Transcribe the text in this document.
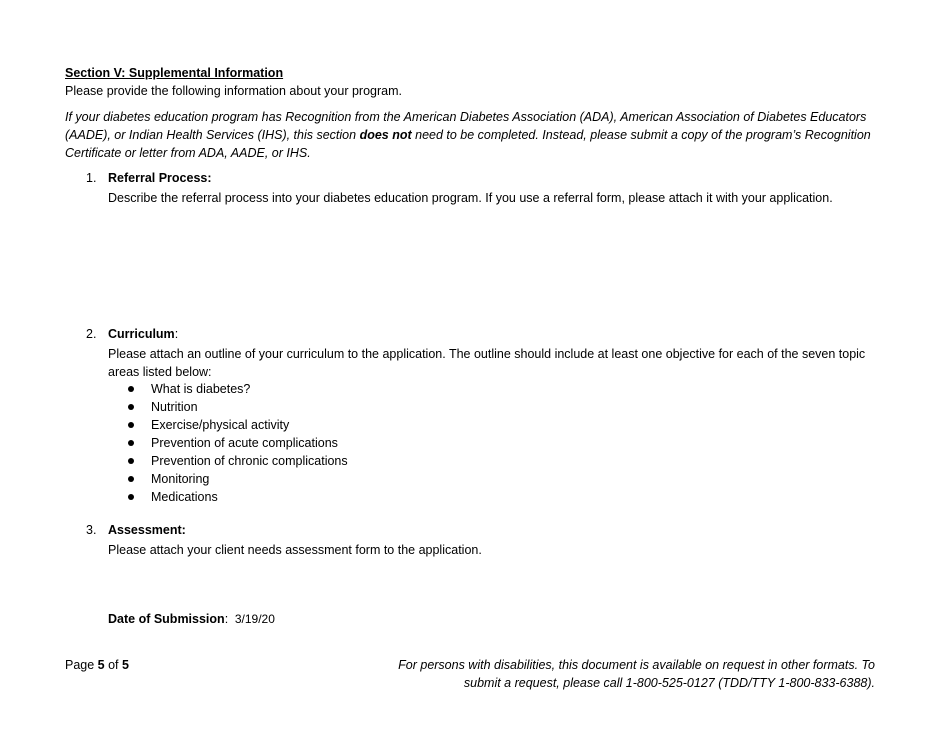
Section V: Supplemental Information
Please provide the following information about your program.
If your diabetes education program has Recognition from the American Diabetes Association (ADA), American Association of Diabetes Educators (AADE), or Indian Health Services (IHS), this section does not need to be completed. Instead, please submit a copy of the program’s Recognition Certificate or letter from ADA, AADE, or IHS.
1. Referral Process:
Describe the referral process into your diabetes education program. If you use a referral form, please attach it with your application.
2. Curriculum:
Please attach an outline of your curriculum to the application. The outline should include at least one objective for each of the seven topic areas listed below:
What is diabetes?
Nutrition
Exercise/physical activity
Prevention of acute complications
Prevention of chronic complications
Monitoring
Medications
3. Assessment:
Please attach your client needs assessment form to the application.
Date of Submission: 3/19/20
Page 5 of 5	For persons with disabilities, this document is available on request in other formats. To submit a request, please call 1-800-525-0127 (TDD/TTY 1-800-833-6388).
